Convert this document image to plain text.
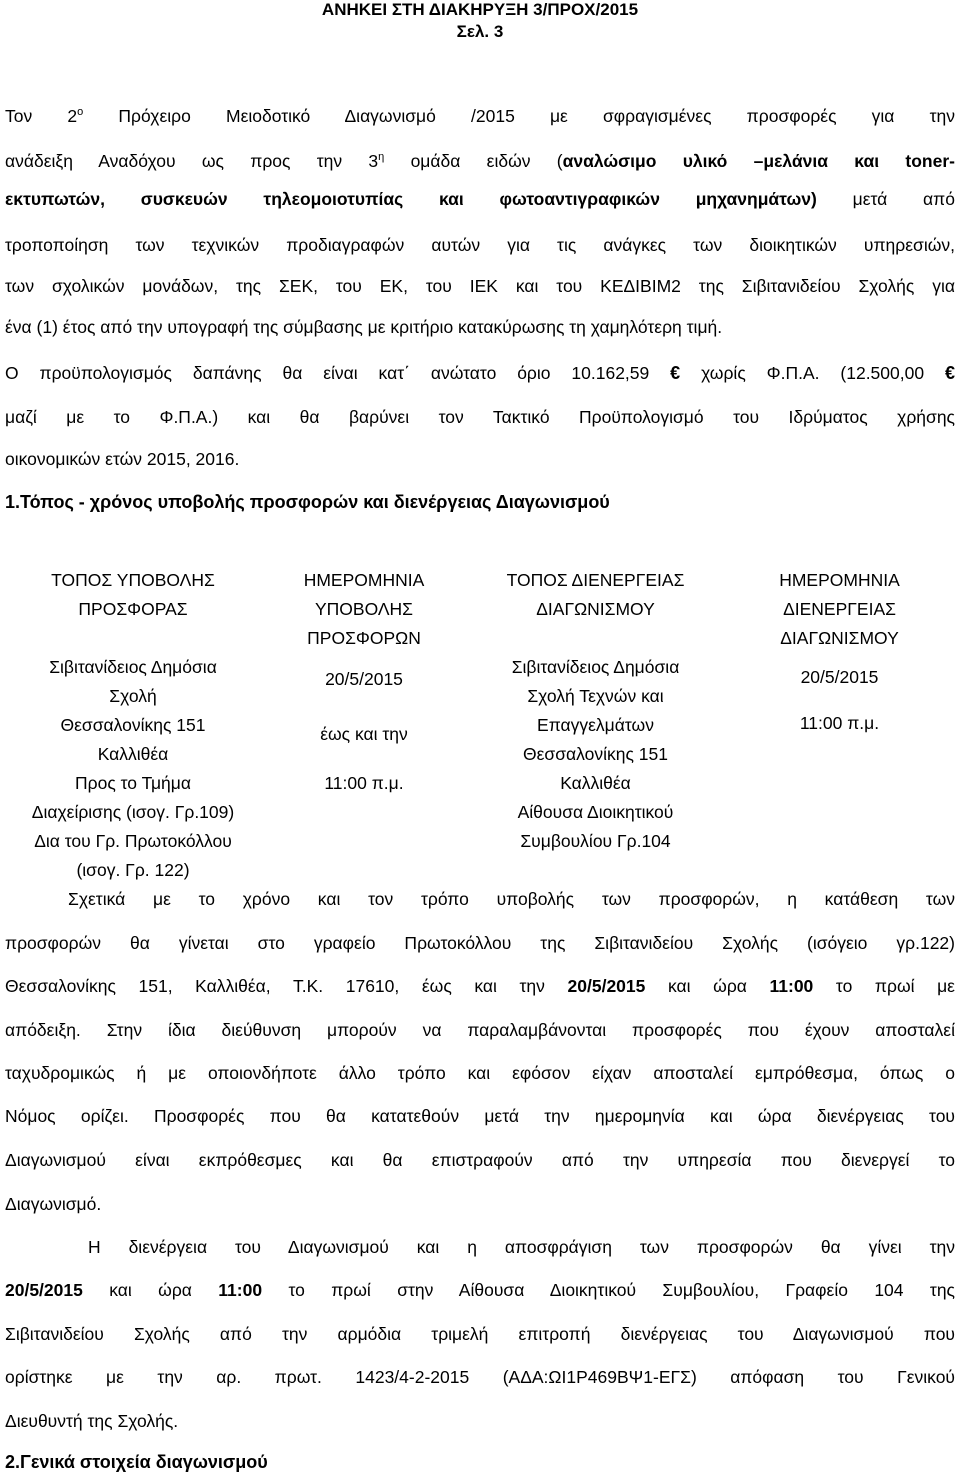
ΑΝΗΚΕΙ ΣΤΗ ΔΙΑΚΗΡΥΞΗ 3/ΠΡΟΧ/2015
Σελ. 3
Τον $2^o$ Πρόχειρο Μειοδοτικό Διαγωνισμό /2015 με σφραγισμένες προσφορές για την
ανάδειξη Αναδόχου ως προς την $3^\eta$ ομάδα ειδών (αναλώσιμο υλικό –μελάνια και toner-
εκτυπωτών, συσκευών τηλεομοιοτυπίας και φωτοαντιγραφικών μηχανημάτων) μετά από
τροποποίηση των τεχνικών προδιαγραφών αυτών για τις ανάγκες των διοικητικών υπηρεσιών,
των σχολικών μονάδων, της ΣΕΚ, του ΕΚ, του ΙΕΚ και του ΚΕΔΙΒΙΜ2 της Σιβιτανιδείου Σχολής για
ένα (1) έτος από την υπογραφή της σύμβασης με κριτήριο κατακύρωσης τη χαμηλότερη τιμή.
Ο προϋπολογισμός δαπάνης θα είναι κατ΄ ανώτατο όριο 10.162,59 € χωρίς Φ.Π.Α. (12.500,00 €
μαζί με το Φ.Π.Α.) και θα βαρύνει τον Τακτικό Προϋπολογισμό του Ιδρύματος χρήσης
οικονομικών ετών 2015, 2016.
1.Τόπος - χρόνος υποβολής προσφορών και διενέργειας Διαγωνισμού
ΤΟΠΟΣ ΥΠΟΒΟΛΗΣ
ΠΡΟΣΦΟΡΑΣ
Σιβιτανίδειος Δημόσια
Σχολή
Θεσσαλονίκης 151
Καλλιθέα
Προς το Τμήμα
Διαχείρισης (ισογ. Γρ.109)
Δια του Γρ. Πρωτοκόλλου
(ισογ. Γρ. 122)
ΗΜΕΡΟΜΗΝΙΑ
ΥΠΟΒΟΛΗΣ
ΠΡΟΣΦΟΡΩΝ
20/5/2015
έως και την
11:00 π.μ.
ΤΟΠΟΣ ΔΙΕΝΕΡΓΕΙΑΣ
ΔΙΑΓΩΝΙΣΜΟΥ
Σιβιτανίδειος Δημόσια
Σχολή Τεχνών και
Επαγγελμάτων
Θεσσαλονίκης 151
Καλλιθέα
Αίθουσα Διοικητικού
Συμβουλίου Γρ.104
ΗΜΕΡΟΜΗΝΙΑ
ΔΙΕΝΕΡΓΕΙΑΣ
ΔΙΑΓΩΝΙΣΜΟΥ
20/5/2015
11:00 π.μ.
Σχετικά με το χρόνο και τον τρόπο υποβολής των προσφορών, η κατάθεση των
προσφορών θα γίνεται στο γραφείο Πρωτοκόλλου της Σιβιτανιδείου Σχολής (ισόγειο γρ.122)
Θεσσαλονίκης 151, Καλλιθέα, Τ.Κ. 17610, έως και την 20/5/2015 και ώρα 11:00 το πρωί με
απόδειξη. Στην ίδια διεύθυνση μπορούν να παραλαμβάνονται προσφορές που έχουν αποσταλεί
ταχυδρομικώς ή με οποιονδήποτε άλλο τρόπο και εφόσον είχαν αποσταλεί εμπρόθεσμα, όπως ο
Νόμος ορίζει. Προσφορές που θα κατατεθούν μετά την ημερομηνία και ώρα διενέργειας του
Διαγωνισμού είναι εκπρόθεσμες και θα επιστραφούν από την υπηρεσία που διενεργεί το
Διαγωνισμό.
Η διενέργεια του Διαγωνισμού και η αποσφράγιση των προσφορών θα γίνει την
20/5/2015 και ώρα 11:00 το πρωί στην Αίθουσα Διοικητικού Συμβουλίου, Γραφείο 104 της
Σιβιτανιδείου Σχολής από την αρμόδια τριμελή επιτροπή διενέργειας του Διαγωνισμού που
ορίστηκε με την αρ. πρωτ. 1423/4-2-2015 (ΑΔΑ:ΩΙ1Ρ469ΒΨ1-ΕΓΣ) απόφαση του Γενικού
Διευθυντή της Σχολής.
2.Γενικά στοιχεία διαγωνισμού
